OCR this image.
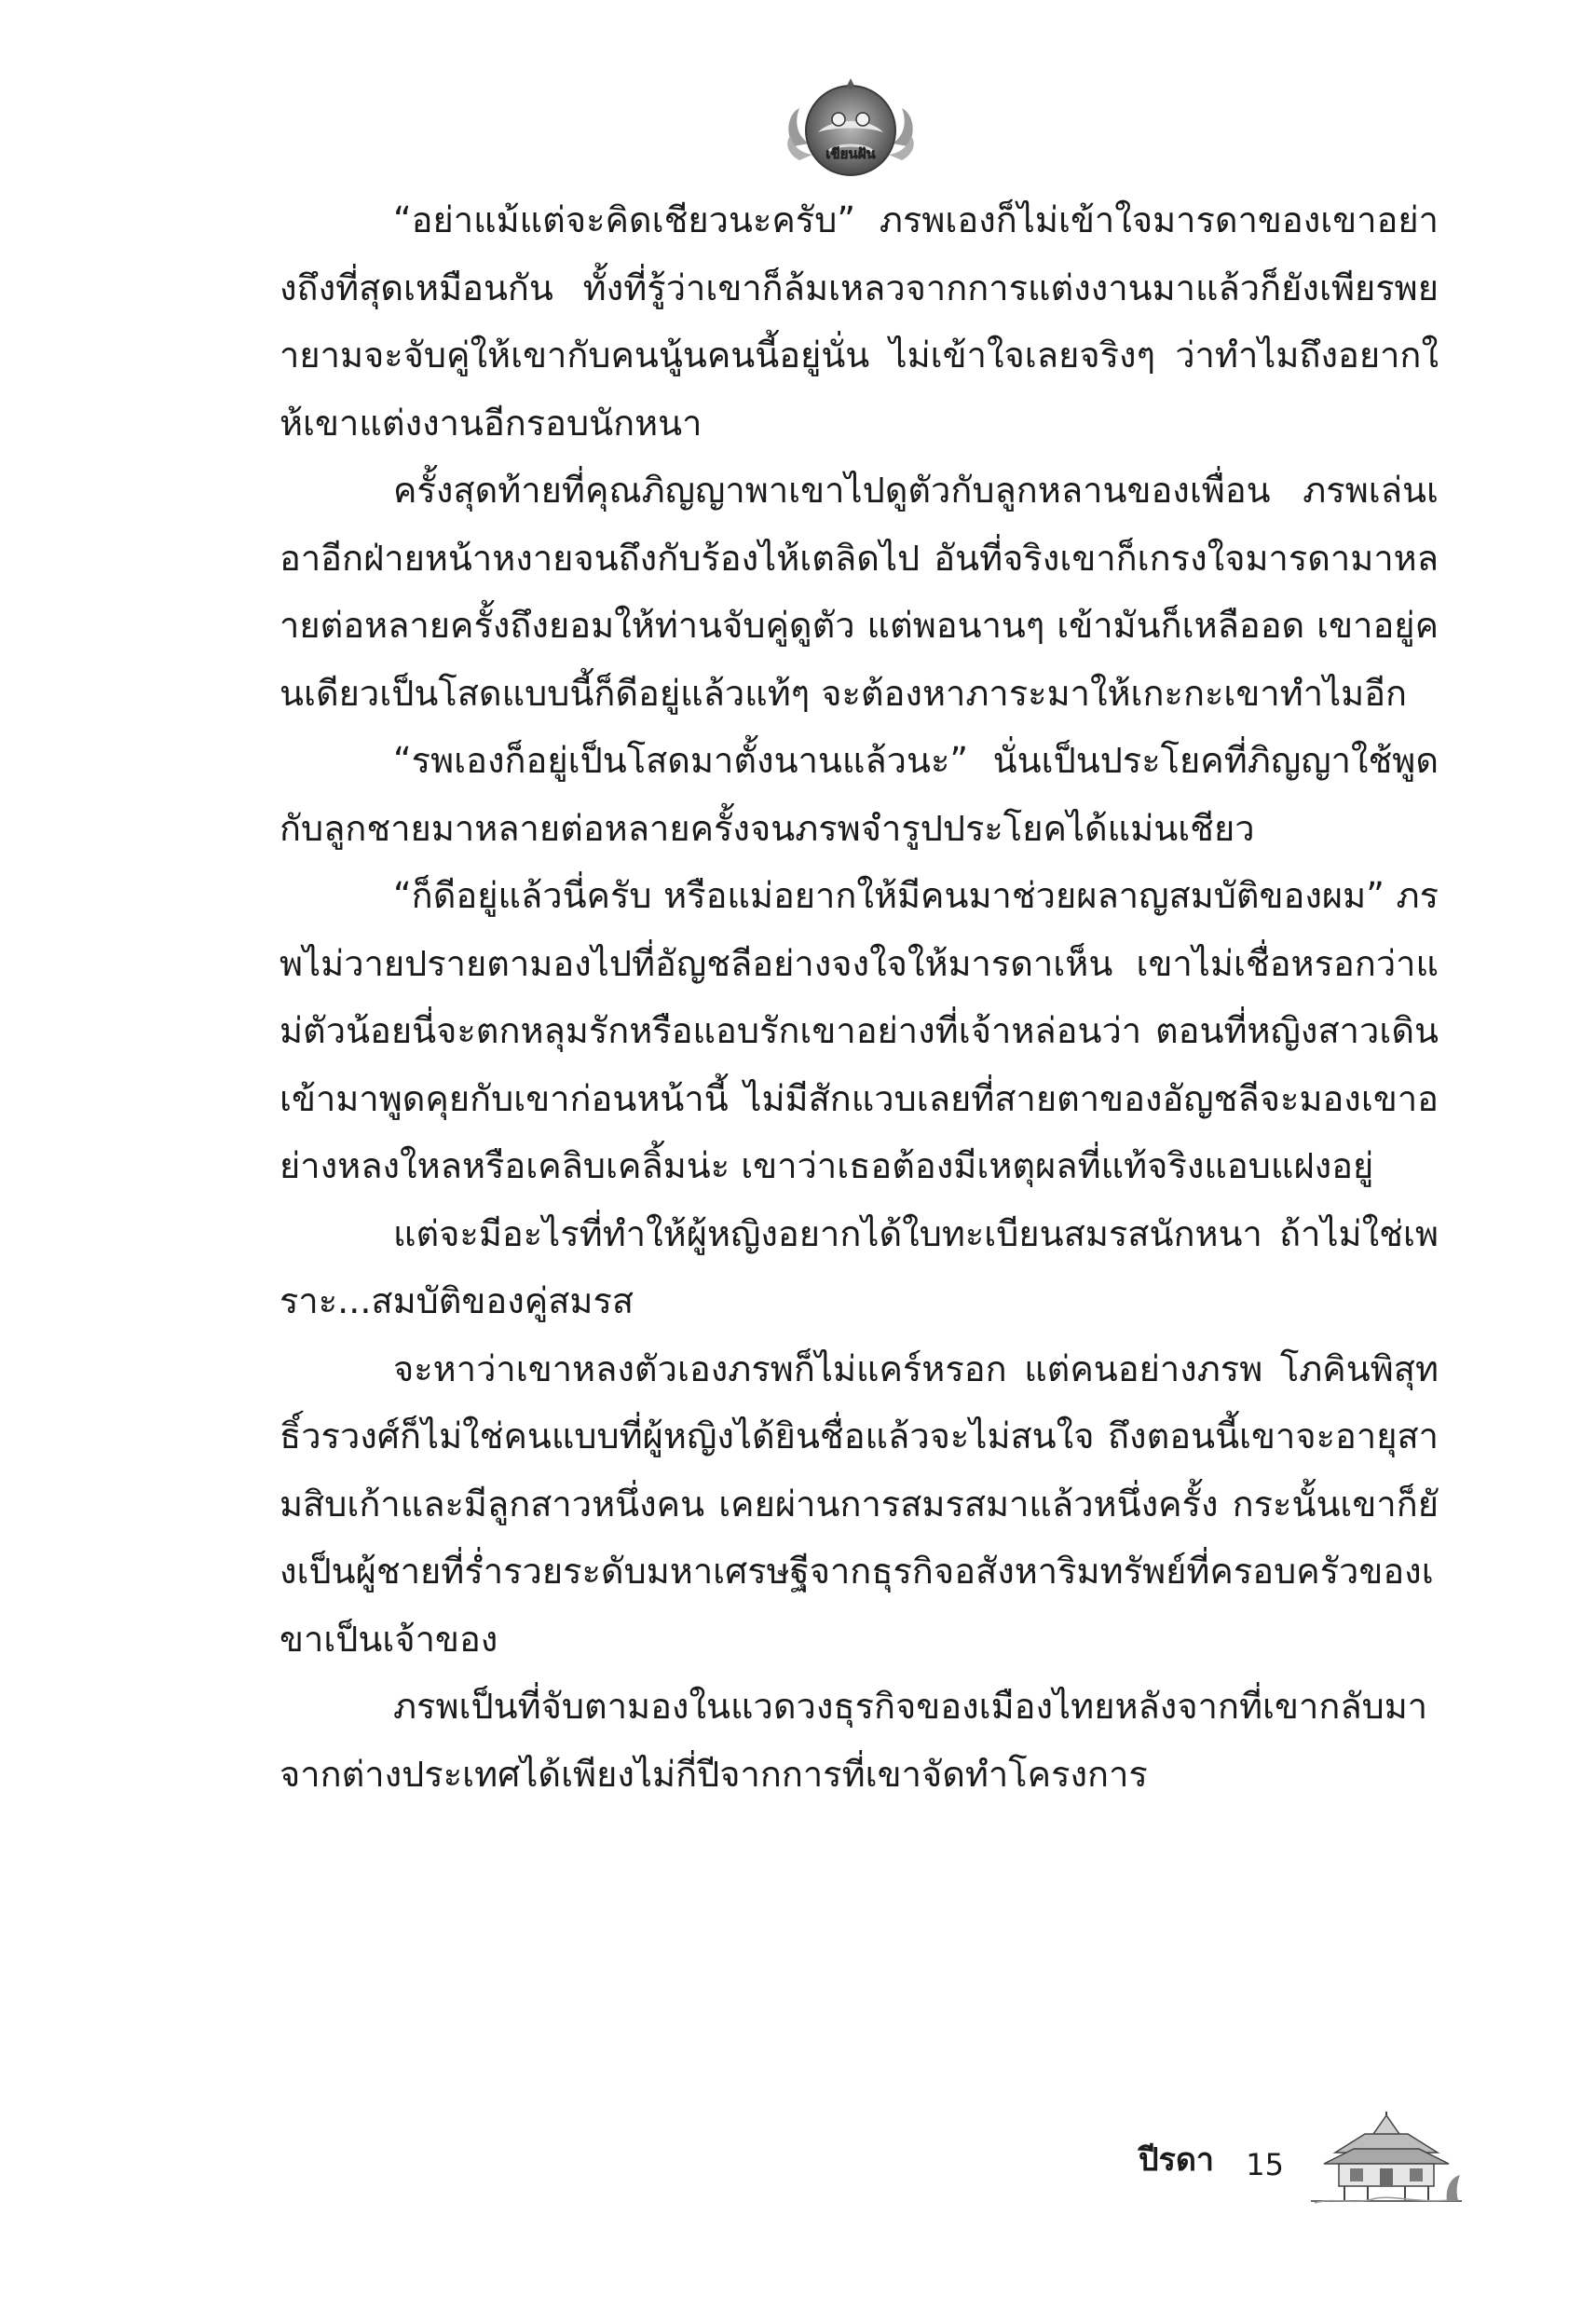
เขียนฝัน

“อย่าแม้แต่จะคิดเชียวนะครับ” ภรพเองก็ไม่เข้าใจมารดาของเขาอย่างถึงที่สุดเหมือนกัน ทั้งที่รู้ว่าเขาก็ล้มเหลวจากการแต่งงานมาแล้วก็ยังเพียรพยายามจะจับคู่ให้เขากับคนนู้นคนนี้อยู่นั่น ไม่เข้าใจเลยจริงๆ ว่าทำไมถึงอยากให้เขาแต่งงานอีกรอบนักหนา

ครั้งสุดท้ายที่คุณภิญญาพาเขาไปดูตัวกับลูกหลานของเพื่อน ภรพเล่นเอาอีกฝ่ายหน้าหงายจนถึงกับร้องไห้เตลิดไป อันที่จริงเขาก็เกรงใจมารดามาหลายต่อหลายครั้งถึงยอมให้ท่านจับคู่ดูตัว แต่พอนานๆ เข้ามันก็เหลืออด เขาอยู่คนเดียวเป็นโสดแบบนี้ก็ดีอยู่แล้วแท้ๆ จะต้องหาภาระมาให้เกะกะเขาทำไมอีก

“รพเองก็อยู่เป็นโสดมาตั้งนานแล้วนะ” นั่นเป็นประโยคที่ภิญญาใช้พูดกับลูกชายมาหลายต่อหลายครั้งจนภรพจำรูปประโยคได้แม่นเชียว

“ก็ดีอยู่แล้วนี่ครับ หรือแม่อยากให้มีคนมาช่วยผลาญสมบัติของผม” ภรพไม่วายปรายตามองไปที่อัญชลีอย่างจงใจให้มารดาเห็น เขาไม่เชื่อหรอกว่าแม่ตัวน้อยนี่จะตกหลุมรักหรือแอบรักเขาอย่างที่เจ้าหล่อนว่า ตอนที่หญิงสาวเดินเข้ามาพูดคุยกับเขาก่อนหน้านี้ ไม่มีสักแวบเลยที่สายตาของอัญชลีจะมองเขาอย่างหลงใหลหรือเคลิบเคลิ้มน่ะ เขาว่าเธอต้องมีเหตุผลที่แท้จริงแอบแฝงอยู่

แต่จะมีอะไรที่ทำให้ผู้หญิงอยากได้ใบทะเบียนสมรสนักหนา ถ้าไม่ใช่เพราะ...สมบัติของคู่สมรส

จะหาว่าเขาหลงตัวเองภรพก็ไม่แคร์หรอก แต่คนอย่างภรพ โภคินพิสุทธิ์วรวงศ์ก็ไม่ใช่คนแบบที่ผู้หญิงได้ยินชื่อแล้วจะไม่สนใจ ถึงตอนนี้เขาจะอายุสามสิบเก้าและมีลูกสาวหนึ่งคน เคยผ่านการสมรสมาแล้วหนึ่งครั้ง กระนั้นเขาก็ยังเป็นผู้ชายที่ร่ำรวยระดับมหาเศรษฐีจากธุรกิจอสังหาริมทรัพย์ที่ครอบครัวของเขาเป็นเจ้าของ

ภรพเป็นที่จับตามองในแวดวงธุรกิจของเมืองไทยหลังจากที่เขากลับมาจากต่างประเทศได้เพียงไม่กี่ปีจากการที่เขาจัดทำโครงการ

ปีรดา 15
